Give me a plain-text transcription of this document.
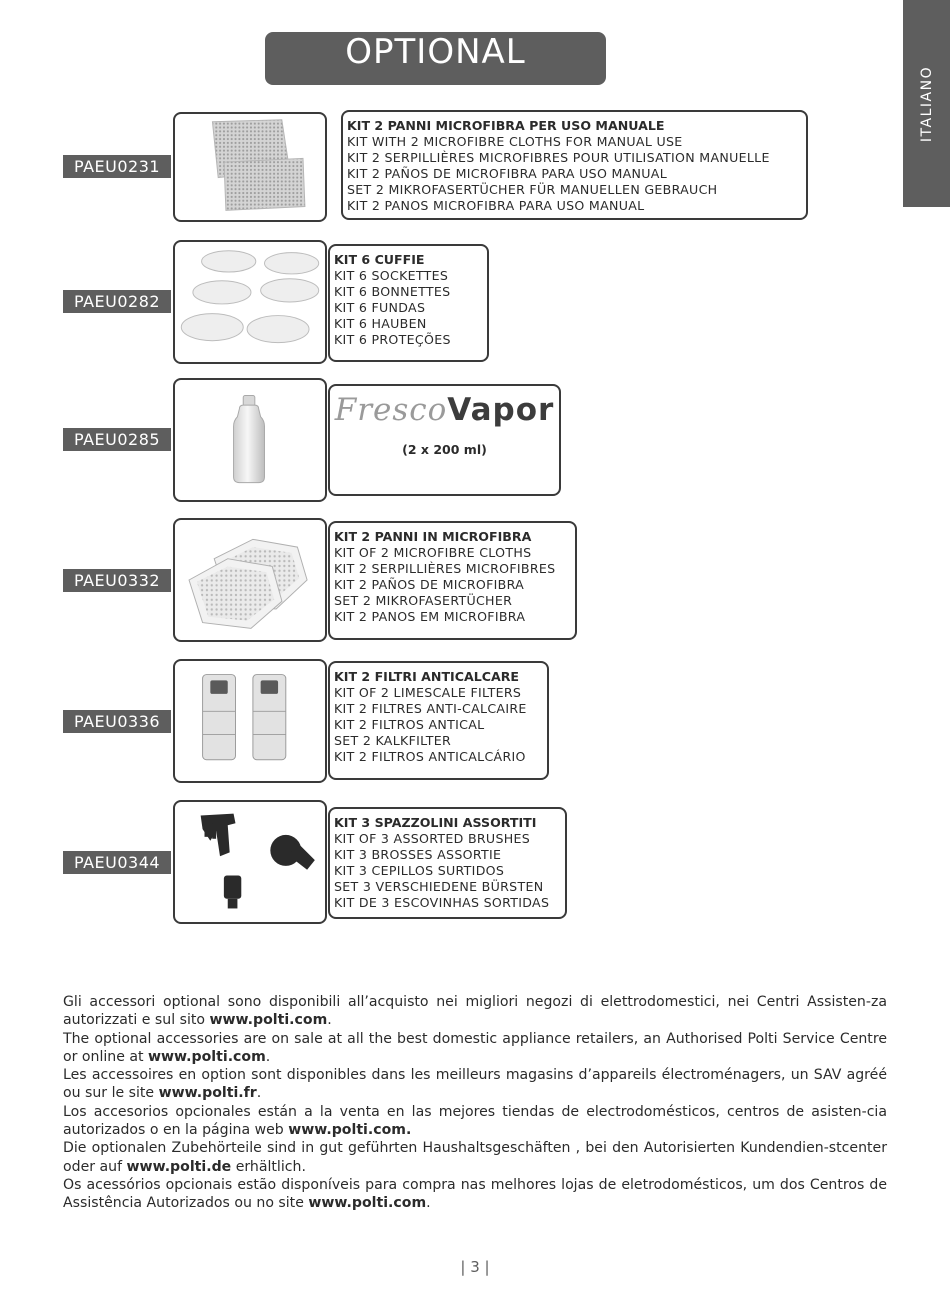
OPTIONAL
ITALIANO
PAEU0231
KIT 2 PANNI MICROFIBRA PER USO MANUALE
KIT WITH 2 MICROFIBRE CLOTHS FOR MANUAL USE
KIT 2 SERPILLIÈRES MICROFIBRES POUR UTILISATION MANUELLE
KIT 2 PAÑOS DE MICROFIBRA PARA USO MANUAL
SET 2 MIKROFASERTÜCHER FÜR MANUELLEN GEBRAUCH
KIT 2 PANOS MICROFIBRA PARA USO MANUAL
PAEU0282
KIT 6 CUFFIE
KIT 6 SOCKETTES
KIT 6 BONNETTES
KIT 6 FUNDAS
KIT 6 HAUBEN
KIT 6 PROTEÇÕES
PAEU0285
FrescoVapor
(2 x 200 ml)
PAEU0332
KIT 2 PANNI IN MICROFIBRA
KIT OF 2 MICROFIBRE CLOTHS
KIT 2 SERPILLIÈRES MICROFIBRES
KIT 2 PAÑOS DE MICROFIBRA
SET 2 MIKROFASERTÜCHER
KIT 2 PANOS EM MICROFIBRA
PAEU0336
KIT 2 FILTRI ANTICALCARE
KIT OF 2 LIMESCALE FILTERS
KIT 2 FILTRES ANTI-CALCAIRE
KIT 2 FILTROS ANTICAL
SET 2 KALKFILTER
KIT 2 FILTROS ANTICALCÁRIO
PAEU0344
KIT 3 SPAZZOLINI ASSORTITI
KIT OF 3 ASSORTED BRUSHES
KIT 3 BROSSES ASSORTIE
KIT 3 CEPILLOS SURTIDOS
SET 3 VERSCHIEDENE BÜRSTEN
KIT DE 3 ESCOVINHAS SORTIDAS

Gli accessori optional sono disponibili all’acquisto nei migliori negozi di elettrodomestici, nei Centri Assisten-za autorizzati e sul sito www.polti.com.

The optional accessories are on sale at all the best domestic appliance retailers, an Authorised Polti Service Centre or online at www.polti.com.

Les accessoires en option sont disponibles dans les meilleurs magasins d’appareils électroménagers, un SAV agréé ou sur le site www.polti.fr.

Los accesorios opcionales están a la venta en las mejores tiendas de electrodomésticos, centros de asisten-cia autorizados o en la página web www.polti.com.

Die optionalen Zubehörteile sind in gut geführten Haushaltsgeschäften , bei den Autorisierten Kundendien-stcenter oder auf www.polti.de erhältlich.

Os acessórios opcionais estão disponíveis para compra nas melhores lojas de eletrodomésticos, um dos Centros de Assistência Autorizados ou no site www.polti.com.

| 3 |
